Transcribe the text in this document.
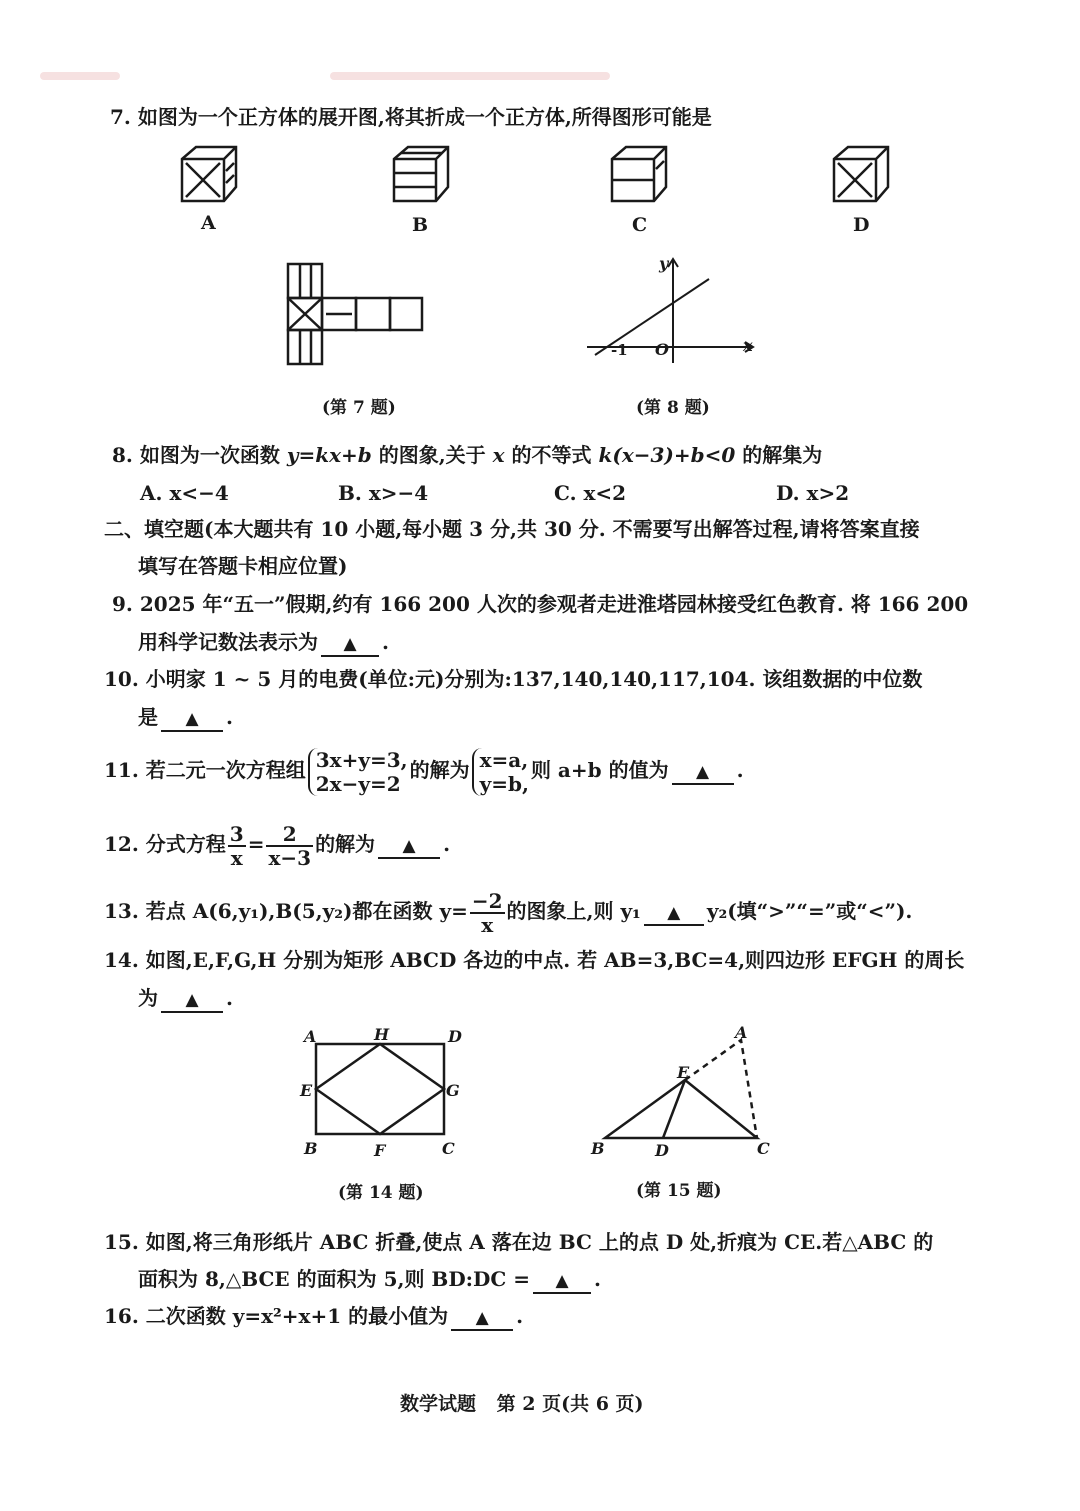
7. 如图为一个正方体的展开图,将其折成一个正方体,所得图形可能是
A	B	C	D
y
x
-1 O
(第 7 题)	(第 8 题)
8. 如图为一次函数 y=kx+b 的图象,关于 x 的不等式 k(x−3)+b<0 的解集为
A. x<−4	B. x>−4	C. x<2	D. x>2
二、填空题(本大题共有 10 小题,每小题 3 分,共 30 分. 不需要写出解答过程,请将答案直接
填写在答题卡相应位置)
9. 2025 年“五一”假期,约有 166 200 人次的参观者走进淮塔园林接受红色教育. 将 166 200
用科学记数法表示为 ▲ .
10. 小明家 1 ~ 5 月的电费(单位:元)分别为:137,140,140,117,104. 该组数据的中位数
是 ▲ .
11. 若二元一次方程组 3x+y=3,
2x−y=2
的解为 x=a,
y=b,
则 a+b 的值为 ▲ .
12. 分式方程 $\frac{3}{x} = \frac{2}{x-3}$ 的解为 ▲ .
13. 若点 A(6,y₁),B(5,y₂)都在函数 $y= \frac{-2}{x}$ 的图象上,则 y₁ ▲ y₂(填“>”“=”或“<”).
14. 如图,E,F,G,H 分别为矩形 ABCD 各边的中点. 若 AB=3,BC=4,则四边形 EFGH 的周长
为 ▲ .
A	H	D
E	G
B	F	C
A
E
B	D	C
(第 14 题)	(第 15 题)
15. 如图,将三角形纸片 ABC 折叠,使点 A 落在边 BC 上的点 D 处,折痕为 CE.若△ABC 的
面积为 8,△BCE 的面积为 5,则 BD:DC = ▲ .
16. 二次函数 y=x²+x+1 的最小值为 ▲ .
数学试题 第 2 页(共 6 页)
